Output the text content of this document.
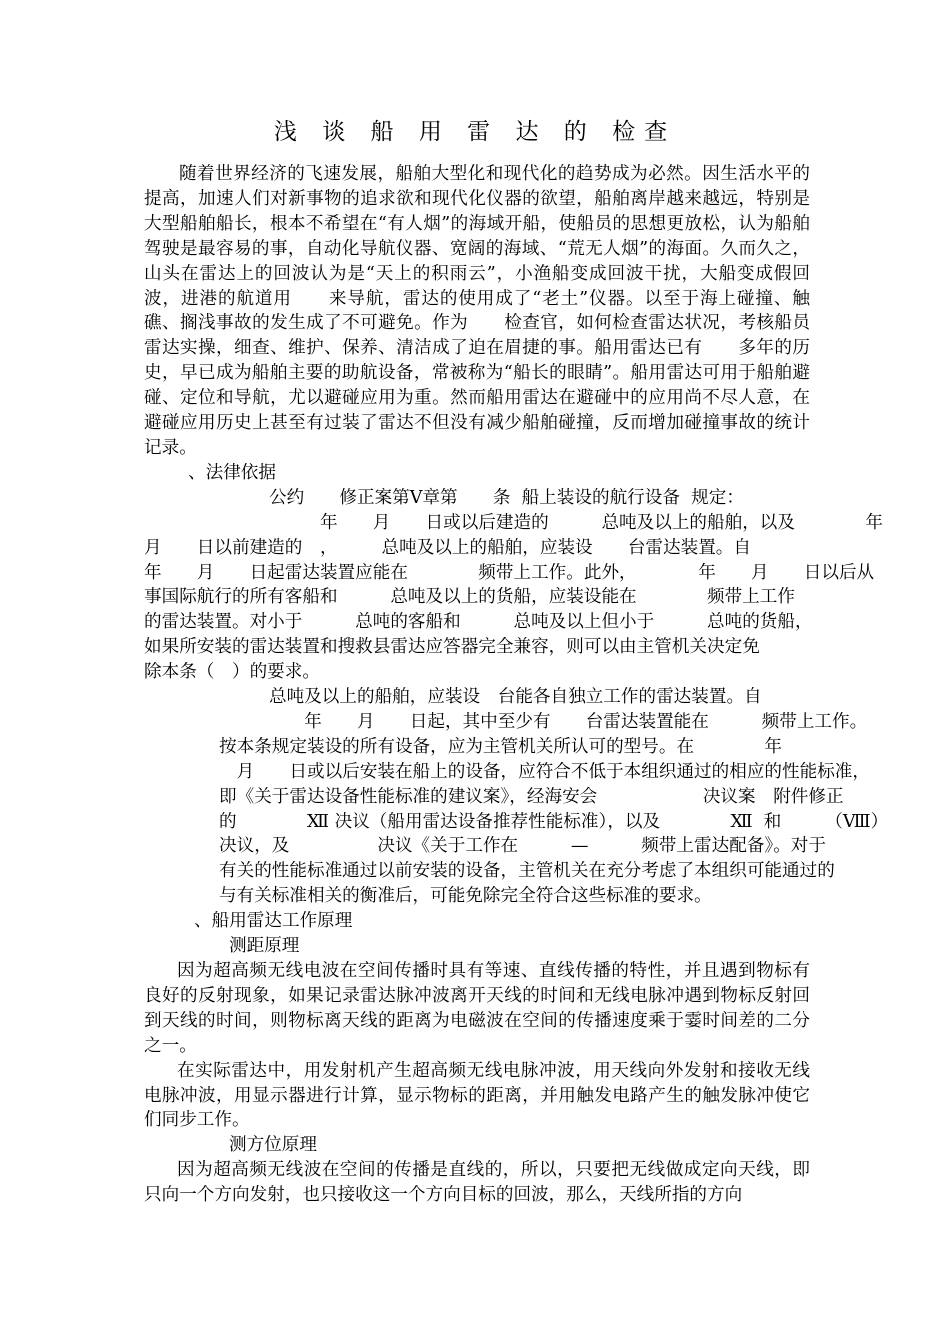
浅 谈 船 用 雷 达 的 检查

随着世界经济的飞速发展，船舶大型化和现代化的趋势成为必然。因生活水平的提高，加速人们对新事物的追求欲和现代化仪器的欲望，船舶离岸越来越远，特别是大型船舶船长，根本不希望在“有人烟”的海域开船，使船员的思想更放松，认为船舶驾驶是最容易的事，自动化导航仪器、宽阔的海域、“荒无人烟”的海面。久而久之，山头在雷达上的回波认为是“天上的积雨云”，小渔船变成回波干扰，大船变成假回波，进港的航道用　　来导航，雷达的使用成了“老土”仪器。以至于海上碰撞、触礁、搁浅事故的发生成了不可避免。作为　　检查官，如何检查雷达状况，考核船员雷达实操，细查、维护、保养、清洁成了迫在眉捷的事。船用雷达已有　　多年的历史，早已成为船舶主要的助航设备，常被称为“船长的眼睛”。船用雷达可用于船舶避碰、定位和导航，尤以避碰应用为重。然而船用雷达在避碰中的应用尚不尽人意，在避碰应用历史上甚至有过装了雷达不但没有减少船舶碰撞，反而增加碰撞事故的统计记录。

、法律依据

公约　　修正案第Ⅴ章第　　条  船上装设的航行设备  规定：

　　　　　　　　　　年　　月　　日或以后建造的　　　总吨及以上的船舶，以及　　　　年
月　　日以前建造的　，　　　总吨及以上的船舶，应装设　　台雷达装置。自
年　　月　　日起雷达装置应能在　　　　频带上工作。此外，　　　　年　　月　　日以后从
事国际航行的所有客船和　　　总吨及以上的货船，应装设能在　　　　频带上工作
的雷达装置。对小于　　　总吨的客船和　　　总吨及以上但小于　　　总吨的货船，
如果所安装的雷达装置和搜救县雷达应答器完全兼容，则可以由主管机关决定免
除本条（　）的要求。

总吨及以上的船舶，应装设　台能各自独立工作的雷达装置。自
　　年　　月　　日起，其中至少有　　台雷达装置能在　　　频带上工作。

按本条规定装设的所有设备，应为主管机关所认可的型号。在　　　　年
　月　　日或以后安装在船上的设备，应符合不低于本组织通过的相应的性能标准，
即《关于雷达设备性能标准的建议案》，经海安会　　　　　　决议案　附件修正
的　　　　Ⅻ 决议（船用雷达设备推荐性能标准），以及　　　　Ⅻ  和　　　（Ⅷ）
决议，及　　　　　决议《关于工作在　　　—　　　频带上雷达配备》。对于
有关的性能标准通过以前安装的设备，主管机关在充分考虑了本组织可能通过的
与有关标准相关的衡准后，可能免除完全符合这些标准的要求。

、船用雷达工作原理

测距原理

因为超高频无线电波在空间传播时具有等速、直线传播的特性，并且遇到物标有良好的反射现象，如果记录雷达脉冲波离开天线的时间和无线电脉冲遇到物标反射回到天线的时间，则物标离天线的距离为电磁波在空间的传播速度乘于霎时间差的二分之一。

在实际雷达中，用发射机产生超高频无线电脉冲波，用天线向外发射和接收无线电脉冲波，用显示器进行计算，显示物标的距离，并用触发电路产生的触发脉冲使它们同步工作。

测方位原理

因为超高频无线波在空间的传播是直线的，所以，只要把无线做成定向天线，即只向一个方向发射，也只接收这一个方向目标的回波，那么，天线所指的方向
